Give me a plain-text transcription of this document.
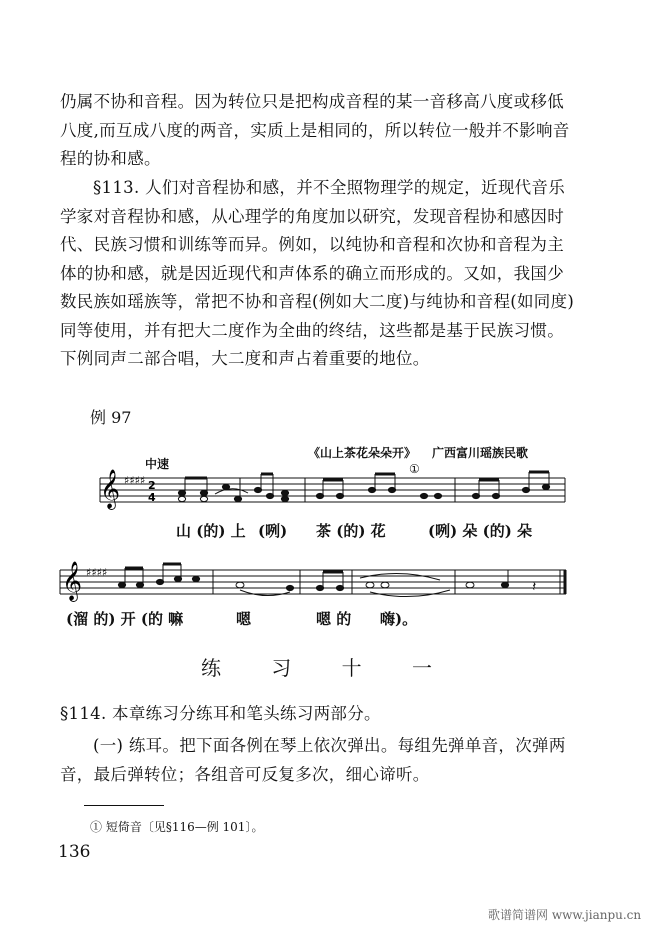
仍属不协和音程。因为转位只是把构成音程的某一音移高八度或移低八度,而互成八度的两音，实质上是相同的，所以转位一般并不影响音程的协和感。
§113. 人们对音程协和感，并不全照物理学的规定，近现代音乐学家对音程协和感，从心理学的角度加以研究，发现音程协和感因时代、民族习惯和训练等而异。例如，以纯协和音程和次协和音程为主体的协和感，就是因近现代和声体系的确立而形成的。又如，我国少数民族如瑶族等，常把不协和音程(例如大二度)与纯协和音程(如同度)同等使用，并有把大二度作为全曲的终结，这些都是基于民族习惯。下例同声二部合唱，大二度和声占着重要的地位。
例 97
中速
《山上茶花朵朵开》 广西富川瑶族民歌
①
𝄞 ♯♯♯♯ 2
4
𝄞 ♯♯♯♯
𝄽
山 (的) 上 (咧) 茶 (的) 花	(咧) 朵 (的) 朵
(溜 的) 开 (的 嘛	嗯	嗯 的 嗨)。
练 习 十 一
§114. 本章练习分练耳和笔头练习两部分。
(一) 练耳。把下面各例在琴上依次弹出。每组先弹单音，次弹两音，最后弹转位；各组音可反复多次，细心谛听。
① 短倚音〔见§116—例 101〕。
136
歌谱简谱网 www.jianpu.cn
